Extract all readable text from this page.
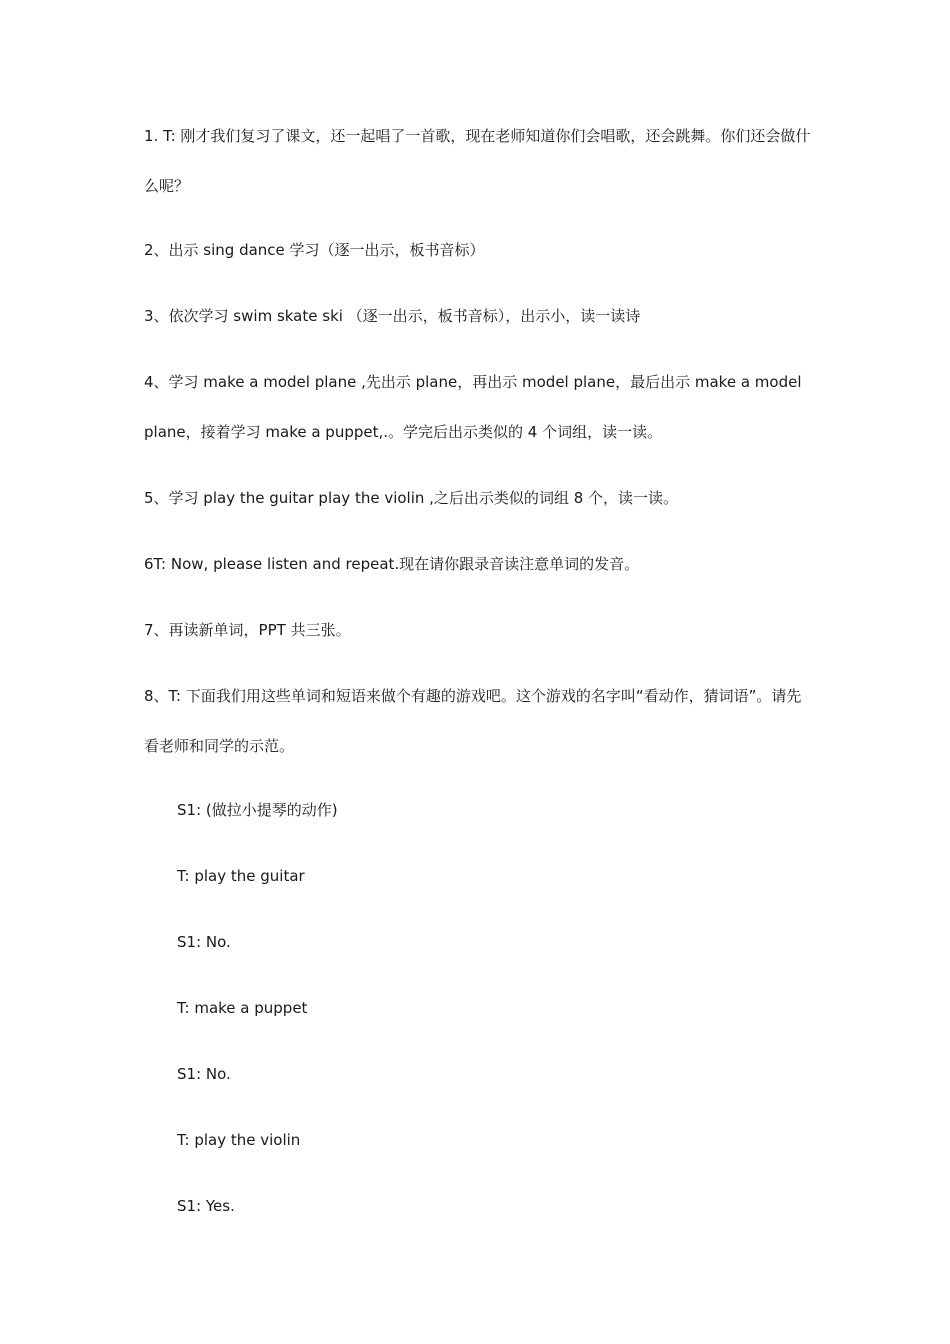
1. T: 刚才我们复习了课文，还一起唱了一首歌，现在老师知道你们会唱歌，还会跳舞。你们还会做什么呢？

2、出示 sing dance 学习（逐一出示，板书音标）

3、依次学习 swim skate ski （逐一出示，板书音标），出示小，读一读诗

4、学习 make a model plane ,先出示 plane，再出示 model plane，最后出示 make a model plane，接着学习 make a puppet,.。学完后出示类似的 4 个词组，读一读。

5、学习 play the guitar play the violin ,之后出示类似的词组 8 个，读一读。

6T: Now, please listen and repeat.现在请你跟录音读注意单词的发音。

7、再读新单词，PPT 共三张。

8、T: 下面我们用这些单词和短语来做个有趣的游戏吧。这个游戏的名字叫“看动作，猜词语”。请先看老师和同学的示范。

S1: (做拉小提琴的动作)

T: play the guitar

S1: No.

T: make a puppet

S1: No.

T: play the violin

S1: Yes.
